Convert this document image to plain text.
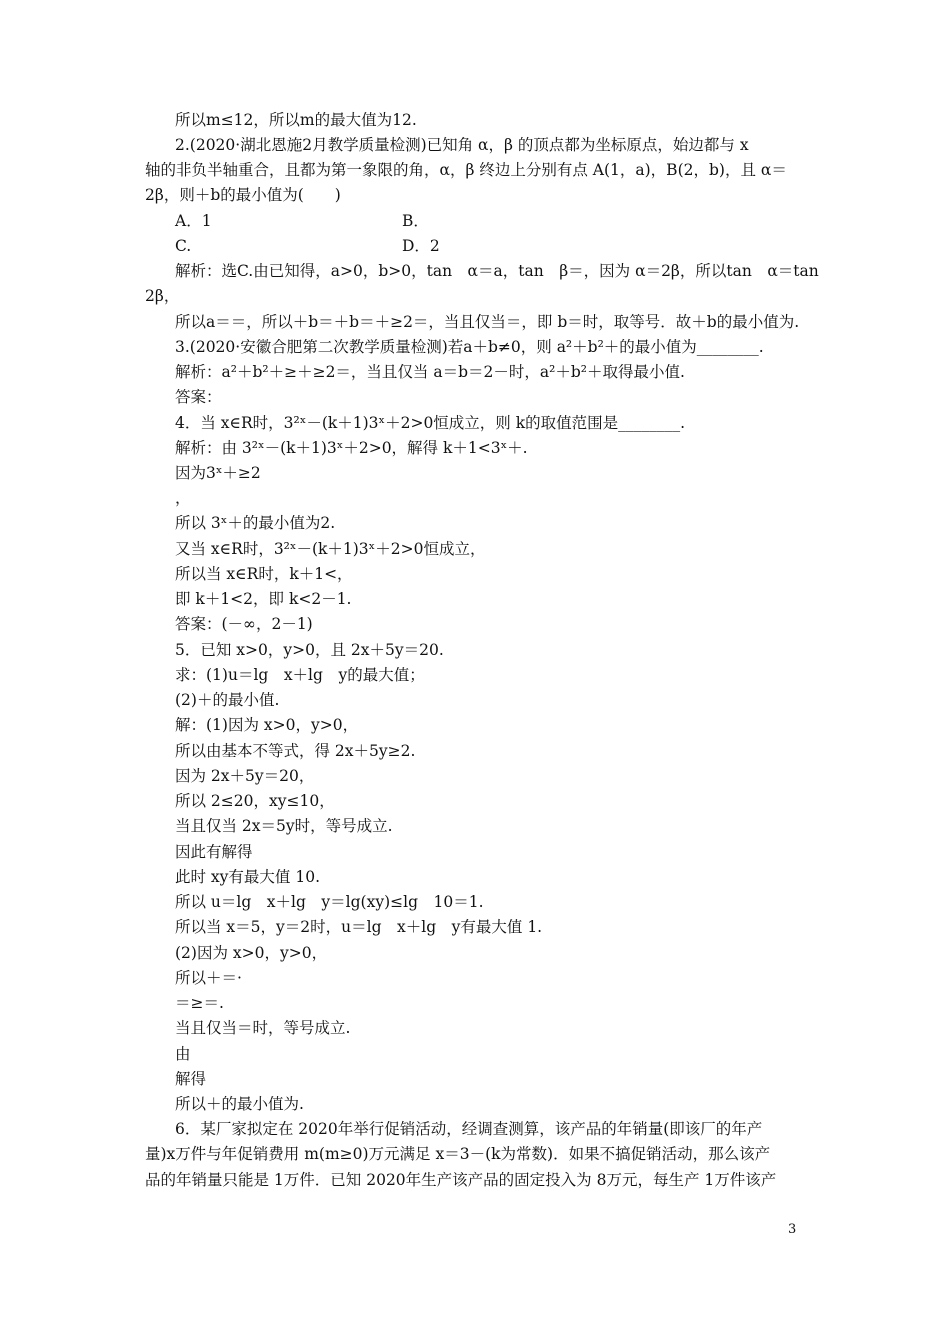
所以m≤12，所以m的最大值为12.
2.(2020·湖北恩施2月教学质量检测)已知角 α，β 的顶点都为坐标原点，始边都与 x
轴的非负半轴重合，且都为第一象限的角，α，β 终边上分别有点 A(1，a)，B(2，b)，且 α＝
2β，则＋b的最小值为(　　)
A．1	B．
C.	D．2
解析：选C.由已知得，a>0，b>0，tan　α＝a，tan　β＝，因为 α＝2β，所以tan　α＝tan
2β，
所以a＝＝，所以＋b＝＋b＝＋≥2＝，当且仅当＝，即 b＝时，取等号．故＋b的最小值为.
3.(2020·安徽合肥第二次教学质量检测)若a＋b≠0，则 a²＋b²＋的最小值为________.
解析：a²＋b²＋≥＋≥2＝，当且仅当 a＝b＝2－时，a²＋b²＋取得最小值.
答案：
4．当 x∈R时，3²ˣ－(k＋1)3ˣ＋2>0恒成立，则 k的取值范围是________.
解析：由 3²ˣ－(k＋1)3ˣ＋2>0，解得 k＋1<3ˣ＋.
因为3ˣ＋≥2
，
所以 3ˣ＋的最小值为2.
又当 x∈R时，3²ˣ－(k＋1)3ˣ＋2>0恒成立，
所以当 x∈R时，k＋1<，
即 k＋1<2，即 k<2－1.
答案：(－∞，2－1)
5．已知 x>0，y>0，且 2x＋5y＝20.
求：(1)u＝lg　x＋lg　y的最大值；
(2)＋的最小值.
解：(1)因为 x>0，y>0，
所以由基本不等式，得 2x＋5y≥2.
因为 2x＋5y＝20，
所以 2≤20，xy≤10，
当且仅当 2x＝5y时，等号成立.
因此有解得
此时 xy有最大值 10.
所以 u＝lg　x＋lg　y＝lg(xy)≤lg　10＝1.
所以当 x＝5，y＝2时，u＝lg　x＋lg　y有最大值 1.
(2)因为 x>0，y>0，
所以＋＝·
＝≥＝.
当且仅当＝时，等号成立.
由
解得
所以＋的最小值为.
6．某厂家拟定在 2020年举行促销活动，经调查测算，该产品的年销量(即该厂的年产
量)x万件与年促销费用 m(m≥0)万元满足 x＝3－(k为常数)．如果不搞促销活动，那么该产
品的年销量只能是 1万件．已知 2020年生产该产品的固定投入为 8万元，每生产 1万件该产
3
